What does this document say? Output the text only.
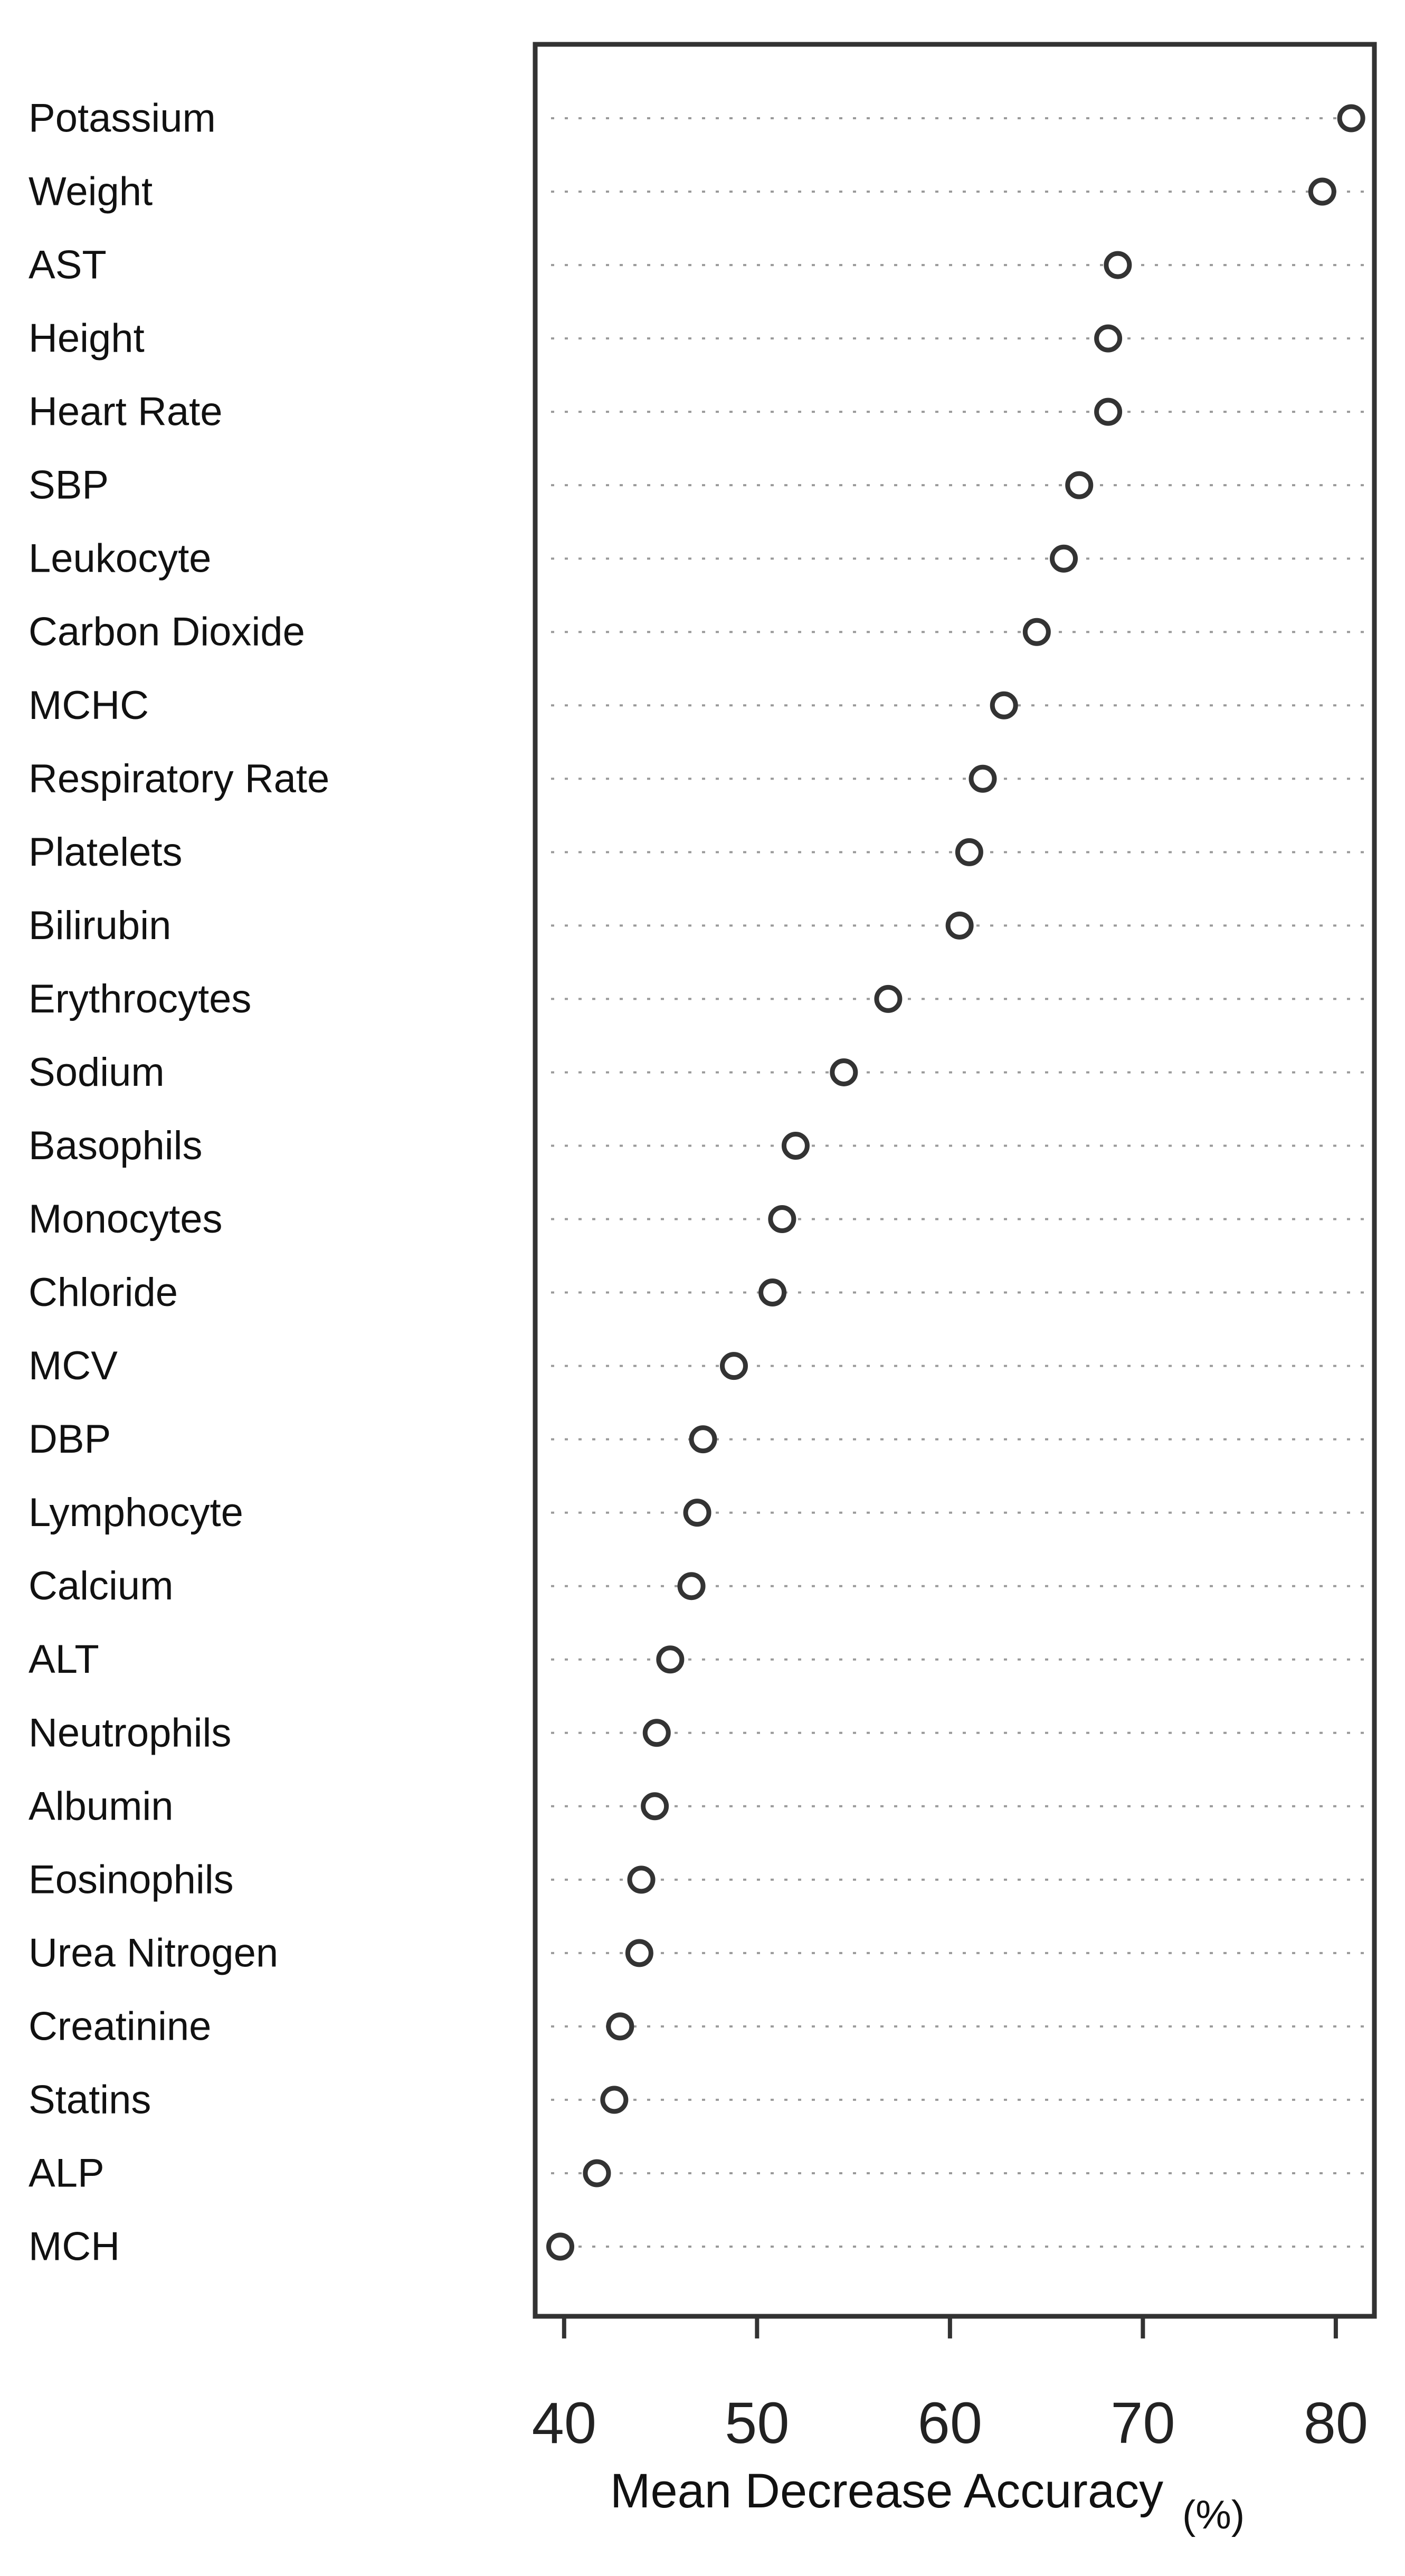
40 50 60 70 80
Potassium
Weight
AST
Height
Heart Rate
SBP
Leukocyte
Carbon Dioxide
MCHC
Respiratory Rate
Platelets
Bilirubin
Erythrocytes
Sodium
Basophils
Monocytes
Chloride
MCV
DBP
Lymphocyte
Calcium
ALT
Neutrophils
Albumin
Eosinophils
Urea Nitrogen
Creatinine
Statins
ALP
MCH
Mean Decrease Accuracy (%)
